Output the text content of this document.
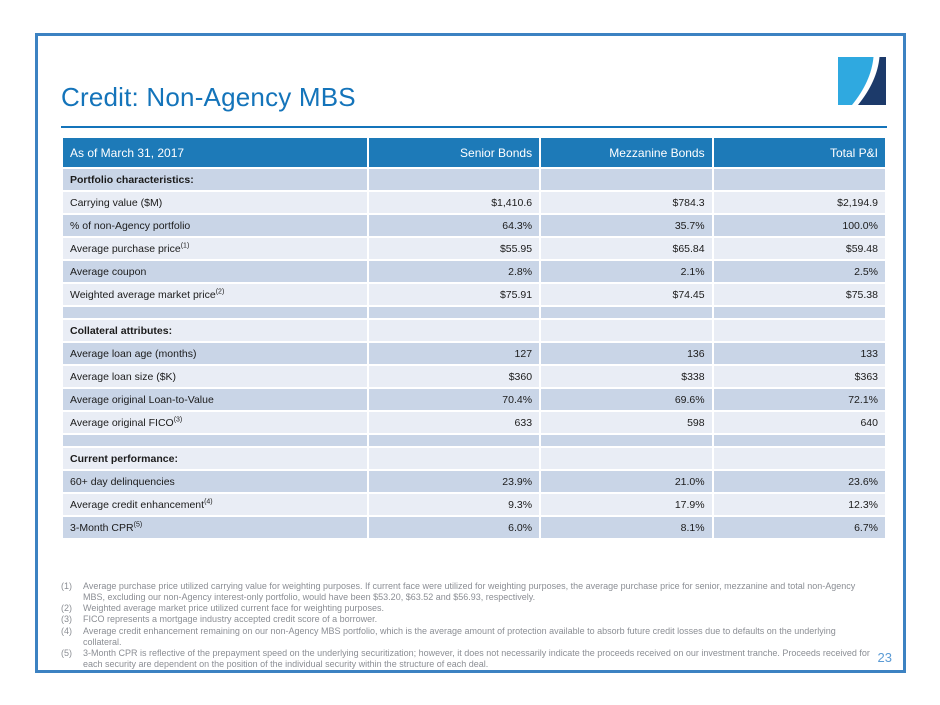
Credit: Non-Agency MBS
As of March 31, 2017	Senior Bonds	Mezzanine Bonds	Total P&I
Portfolio characteristics:			
Carrying value ($M)	$1,410.6	$784.3	$2,194.9
% of non-Agency portfolio	64.3%	35.7%	100.0%
Average purchase price$^{(1)}$	$55.95	$65.84	$59.48
Average coupon	2.8%	2.1%	2.5%
Weighted average market price$^{(2)}$	$75.91	$74.45	$75.38

Collateral attributes:			
Average loan age (months)	127	136	133
Average loan size ($K)	$360	$338	$363
Average original Loan-to-Value	70.4%	69.6%	72.1%
Average original FICO$^{(3)}$	633	598	640

Current performance:			
60+ day delinquencies	23.9%	21.0%	23.6%
Average credit enhancement$^{(4)}$	9.3%	17.9%	12.3%
3-Month CPR$^{(5)}$	6.0%	8.1%	6.7%
(1)	Average purchase price utilized carrying value for weighting purposes. If current face were utilized for weighting purposes, the average purchase price for senior, mezzanine and total non-Agency MBS, excluding our non-Agency interest-only portfolio, would have been $53.20, $63.52 and $56.93, respectively.
(2)	Weighted average market price utilized current face for weighting purposes.
(3)	FICO represents a mortgage industry accepted credit score of a borrower.
(4)	Average credit enhancement remaining on our non-Agency MBS portfolio, which is the average amount of protection available to absorb future credit losses due to defaults on the underlying collateral.
(5)	3-Month CPR is reflective of the prepayment speed on the underlying securitization; however, it does not necessarily indicate the proceeds received on our investment tranche. Proceeds received for each security are dependent on the position of the individual security within the structure of each deal.	23
